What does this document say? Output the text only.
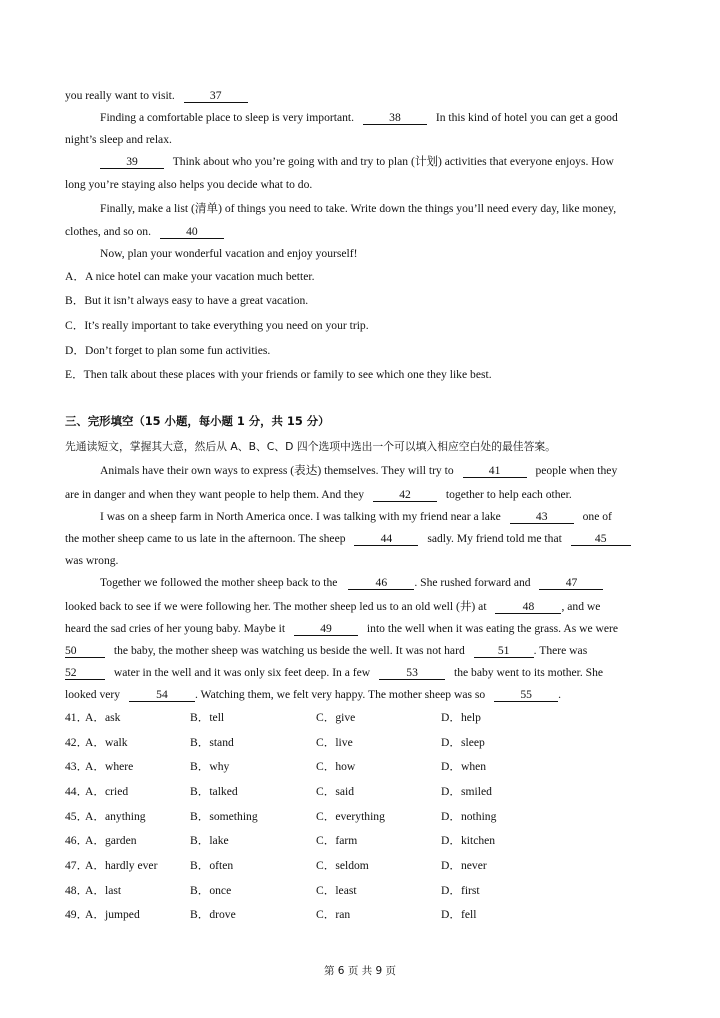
you really want to visit.	37
Finding a comfortable place to sleep is very important.	38	In this kind of hotel you can get a good
night’s sleep and relax.
39	Think about who you’re going with and try to plan (计划) activities that everyone enjoys. How
long you’re staying also helps you decide what to do.
Finally, make a list (清单) of things you need to take. Write down the things you’ll need every day, like money,
clothes, and so on.	40
Now, plan your wonderful vacation and enjoy yourself!
A．A nice hotel can make your vacation much better.
B．But it isn’t always easy to have a great vacation.
C．It’s really important to take everything you need on your trip.
D．Don’t forget to plan some fun activities.
E．Then talk about these places with your friends or family to see which one they like best.
三、完形填空（15 小题，每小题 1 分，共 15 分）
先通读短文，掌握其大意，然后从 A、B、C、D 四个选项中选出一个可以填入相应空白处的最佳答案。
Animals have their own ways to express (表达) themselves. They will try to	41	people when they
are in danger and when they want people to help them. And they	42	together to help each other.
I was on a sheep farm in North America once. I was talking with my friend near a lake	43	one of
the mother sheep came to us late in the afternoon. The sheep	44	sadly. My friend told me that	45
was wrong.
Together we followed the mother sheep back to the	46 . She rushed forward and	47
looked back to see if we were following her. The mother sheep led us to an old well (井) at	48 , and we
heard the sad cries of her young baby. Maybe it	49	into the well when it was eating the grass. As we were
50	the baby, the mother sheep was watching us beside the well. It was not hard	51 . There was
52	water in the well and it was only six feet deep. In a few	53	the baby went to its mother. She
looked very	54 . Watching them, we felt very happy. The mother sheep was so	55 .
41．
A．ask	B．tell	C．give	D．help
42．
A．walk	B．stand	C．live	D．sleep
43．
A．where	B．why	C．how	D．when
44．
A．cried	B．talked	C．said	D．smiled
45．
A．anything	B．something	C．everything	D．nothing
46．
A．garden	B．lake	C．farm	D．kitchen
47．
A．hardly ever	B．often	C．seldom	D．never
48．
A．last	B．once	C．least	D．first
49．
A．jumped	B．drove	C．ran	D．fell
第 6 页 共 9 页
